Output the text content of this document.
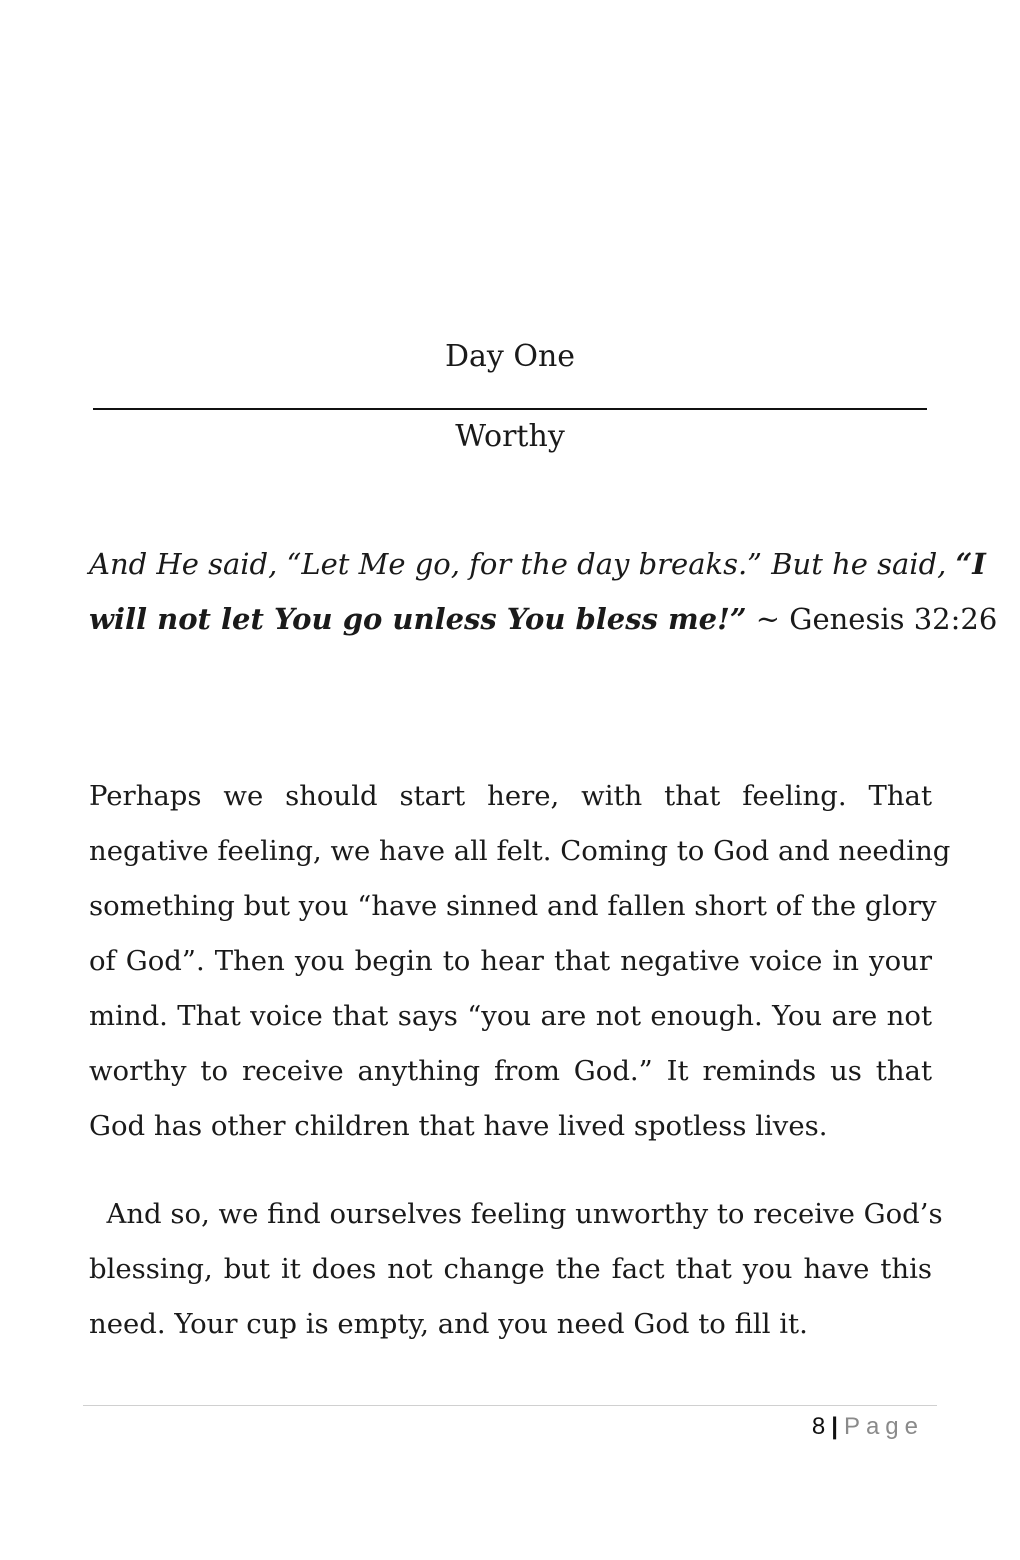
Day One
Worthy
And He said, “Let Me go, for the day breaks.” But he said, “I
will not let You go unless You bless me!” ~ Genesis 32:26
Perhaps we should start here, with that feeling. That
negative feeling, we have all felt. Coming to God and needing
something but you “have sinned and fallen short of the glory
of God”. Then you begin to hear that negative voice in your
mind. That voice that says “you are not enough. You are not
worthy to receive anything from God.” It reminds us that
God has other children that have lived spotless lives.
And so, we find ourselves feeling unworthy to receive God’s
blessing, but it does not change the fact that you have this
need. Your cup is empty, and you need God to fill it.
8 | Page
